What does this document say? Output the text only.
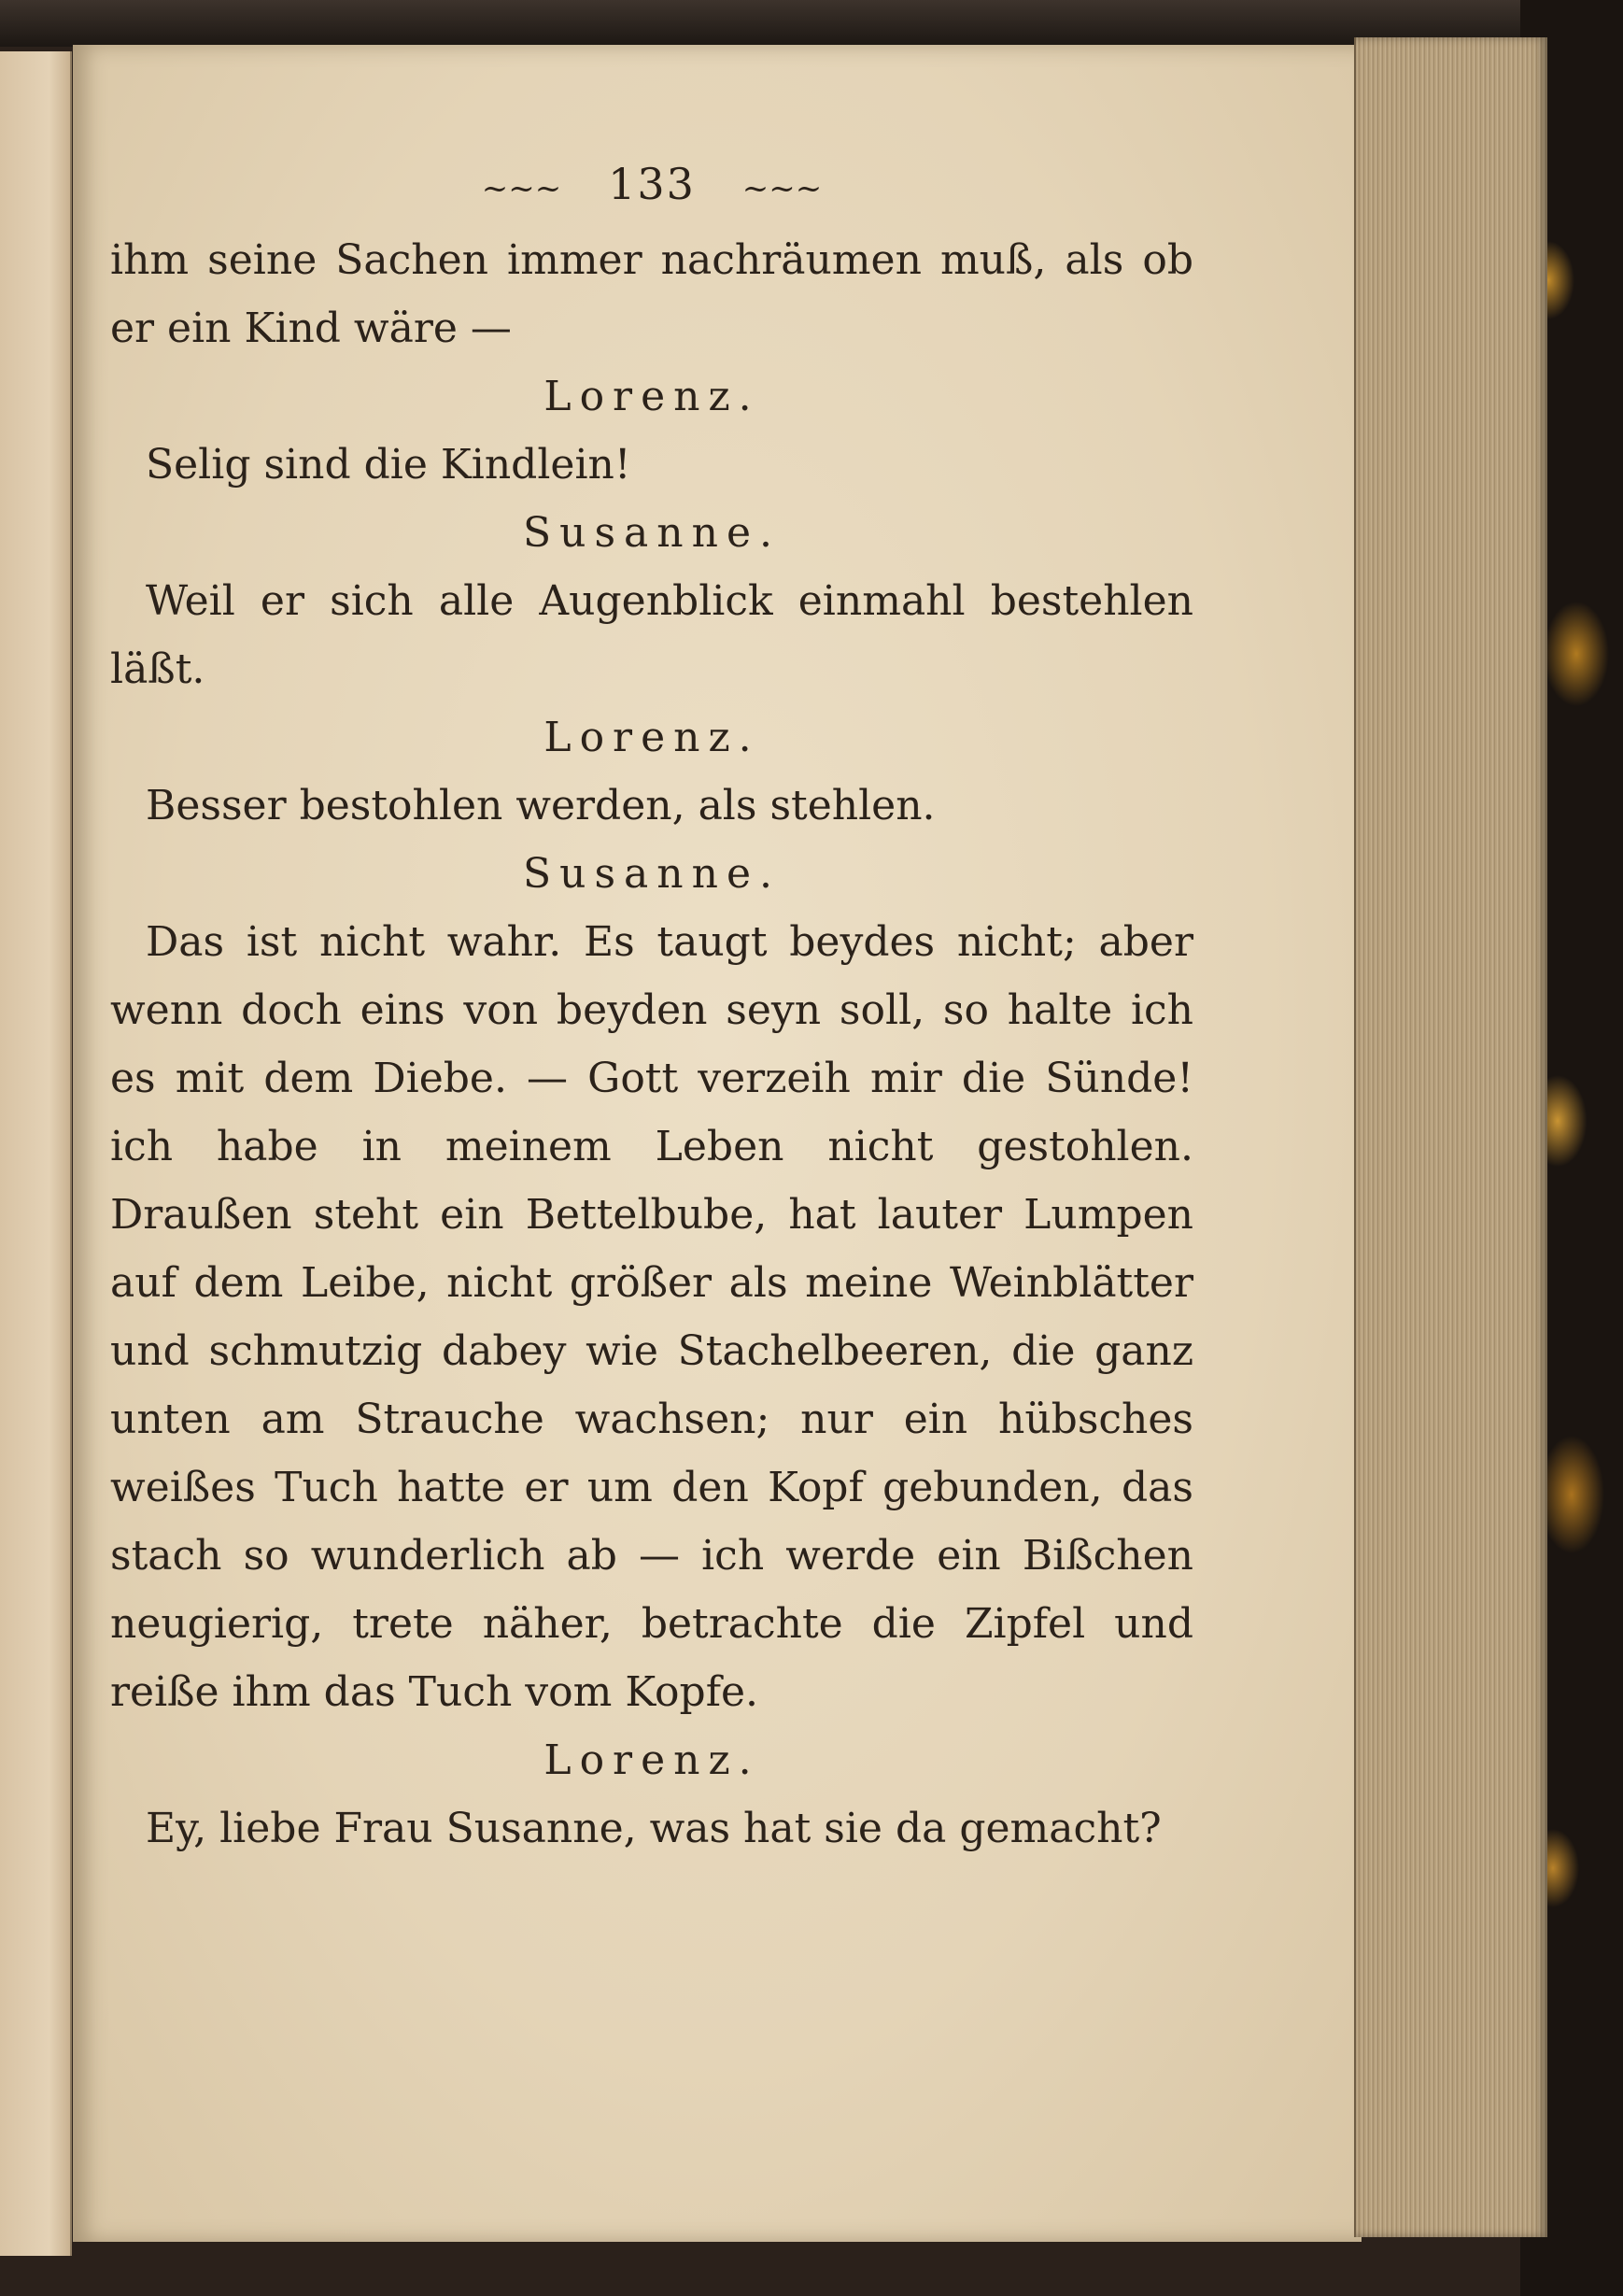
~~~ 133 ~~~

ihm seine Sachen immer nachräumen muß, als ob er ein Kind wäre —

Lorenz.

Selig sind die Kindlein!

Susanne.

Weil er sich alle Augenblick einmahl bestehlen läßt.

Lorenz.

Besser bestohlen werden, als stehlen.

Susanne.

Das ist nicht wahr. Es taugt beydes nicht; aber wenn doch eins von beyden seyn soll, so halte ich es mit dem Diebe. — Gott verzeih mir die Sünde! ich habe in meinem Leben nicht gestohlen. Draußen steht ein Bettelbube, hat lauter Lumpen auf dem Leibe, nicht größer als meine Weinblätter und schmutzig dabey wie Stachelbeeren, die ganz unten am Strauche wachsen; nur ein hübsches weißes Tuch hatte er um den Kopf gebunden, das stach so wunderlich ab — ich werde ein Bißchen neugierig, trete näher, betrachte die Zipfel und reiße ihm das Tuch vom Kopfe.

Lorenz.

Ey, liebe Frau Susanne, was hat sie da gemacht?
